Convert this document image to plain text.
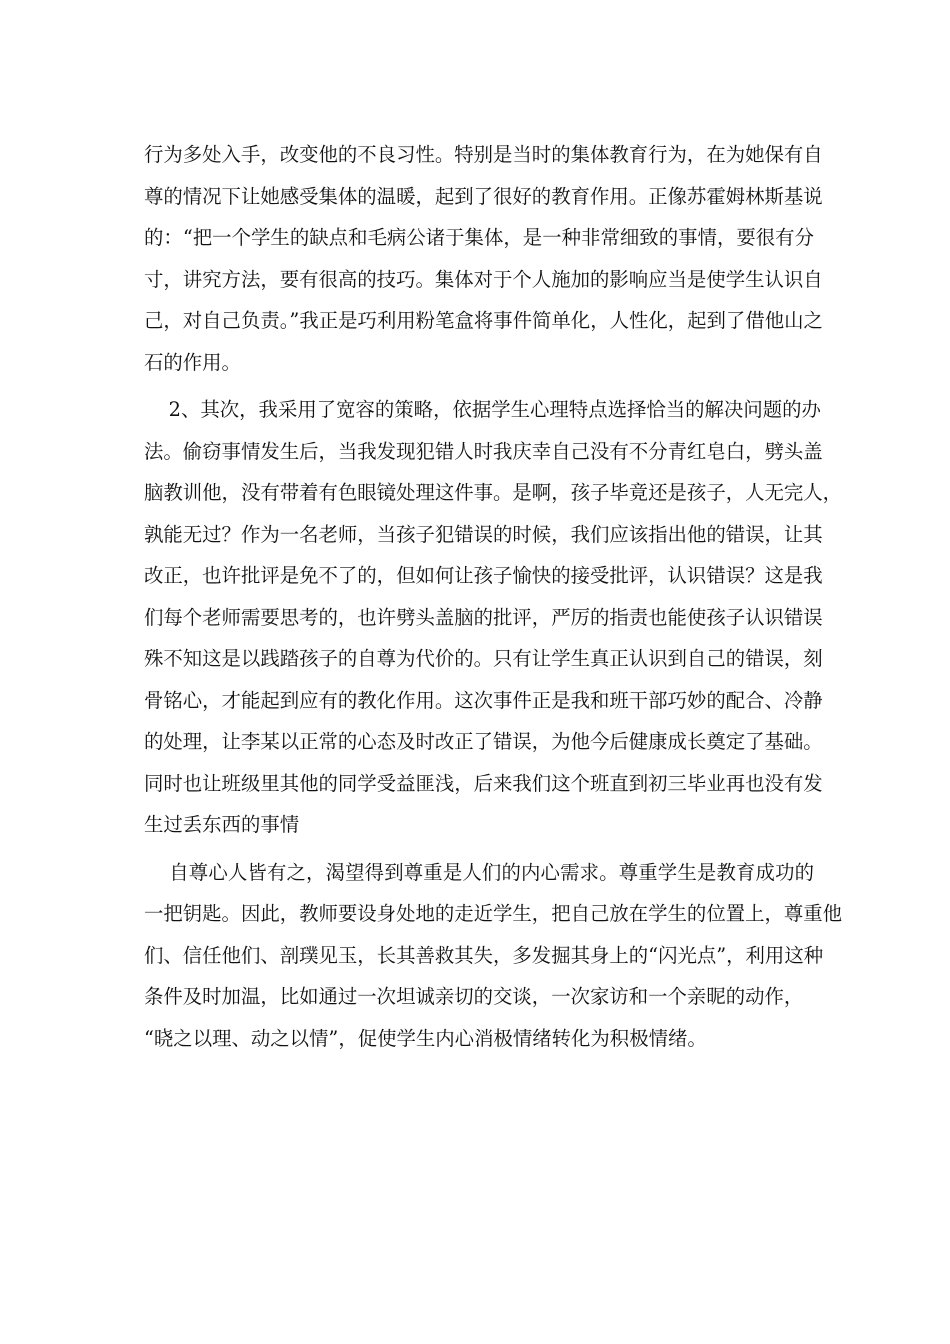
行为多处入手，改变他的不良习性。特别是当时的集体教育行为，在为她保有自
尊的情况下让她感受集体的温暖，起到了很好的教育作用。正像苏霍姆林斯基说
的：“把一个学生的缺点和毛病公诸于集体，是一种非常细致的事情，要很有分
寸，讲究方法，要有很高的技巧。集体对于个人施加的影响应当是使学生认识自
己，对自己负责。”我正是巧利用粉笔盒将事件简单化，人性化，起到了借他山之
石的作用。
2、其次，我采用了宽容的策略，依据学生心理特点选择恰当的解决问题的办
法。偷窃事情发生后，当我发现犯错人时我庆幸自己没有不分青红皂白，劈头盖
脑教训他，没有带着有色眼镜处理这件事。是啊，孩子毕竟还是孩子，人无完人，
孰能无过？作为一名老师，当孩子犯错误的时候，我们应该指出他的错误，让其
改正，也许批评是免不了的，但如何让孩子愉快的接受批评，认识错误？这是我
们每个老师需要思考的，也许劈头盖脑的批评，严厉的指责也能使孩子认识错误
殊不知这是以践踏孩子的自尊为代价的。只有让学生真正认识到自己的错误，刻
骨铭心，才能起到应有的教化作用。这次事件正是我和班干部巧妙的配合、冷静
的处理，让李某以正常的心态及时改正了错误，为他今后健康成长奠定了基础。
同时也让班级里其他的同学受益匪浅，后来我们这个班直到初三毕业再也没有发
生过丢东西的事情
自尊心人皆有之，渴望得到尊重是人们的内心需求。尊重学生是教育成功的
一把钥匙。因此，教师要设身处地的走近学生，把自己放在学生的位置上，尊重他
们、信任他们、剖璞见玉，长其善救其失，多发掘其身上的“闪光点”，利用这种
条件及时加温，比如通过一次坦诚亲切的交谈，一次家访和一个亲昵的动作，
“晓之以理、动之以情”，促使学生内心消极情绪转化为积极情绪。
